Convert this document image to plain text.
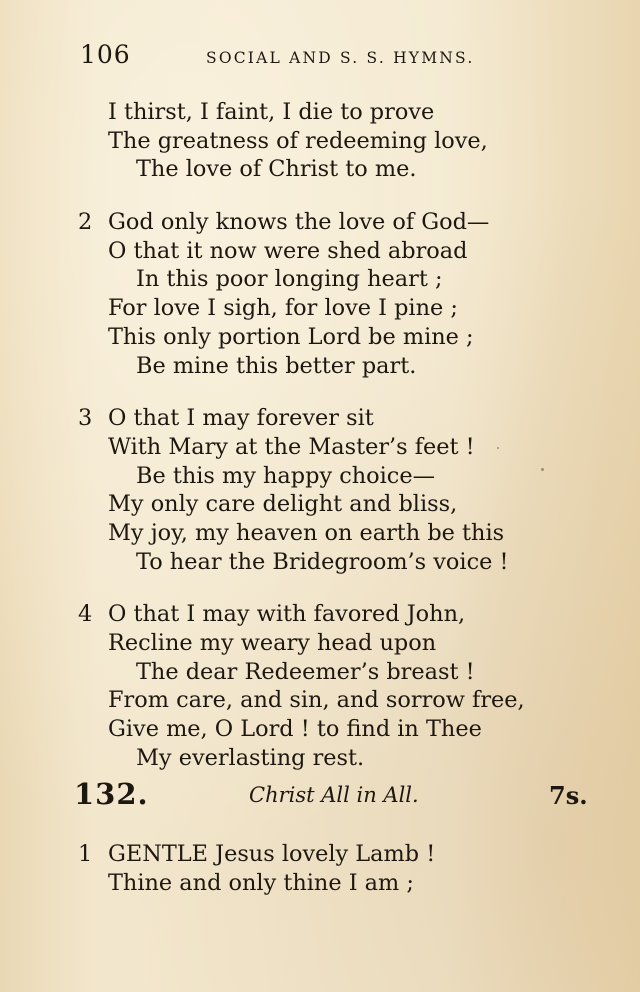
106	SOCIAL AND S. S. HYMNS.
I thirst, I faint, I die to prove
The greatness of redeeming love,
The love of Christ to me.
2 God only knows the love of God—
O that it now were shed abroad
In this poor longing heart ;
For love I sigh, for love I pine ;
This only portion Lord be mine ;
Be mine this better part.
3 O that I may forever sit
With Mary at the Master’s feet !
Be this my happy choice—
My only care delight and bliss,
My joy, my heaven on earth be this
To hear the Bridegroom’s voice !
4 O that I may with favored John,
Recline my weary head upon
The dear Redeemer’s breast !
From care, and sin, and sorrow free,
Give me, O Lord ! to find in Thee
My everlasting rest.
132.	Christ All in All.	7s.
1 GENTLE Jesus lovely Lamb !
Thine and only thine I am ;
